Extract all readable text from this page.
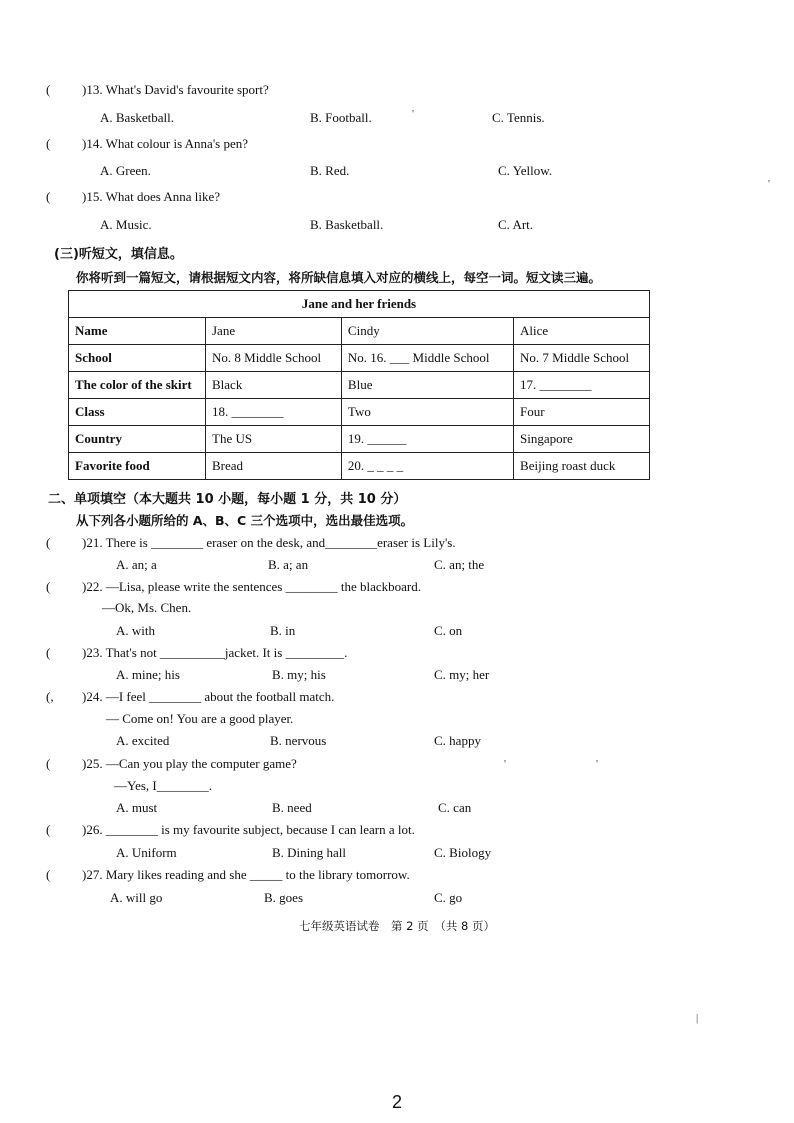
( )13. What's David's favourite sport?
A. Basketball.	B. Football.	C. Tennis.
( )14. What colour is Anna's pen?
A. Green.	B. Red.	C. Yellow.
( )15. What does Anna like?
A. Music.	B. Basketball.	C. Art.
(三)听短文，填信息。
你将听到一篇短文，请根据短文内容，将所缺信息填入对应的横线上，每空一词。短文读三遍。
Jane and her friends			
Name	Jane	Cindy	Alice
School	No. 8 Middle School	No. 16. ___ Middle School	No. 7 Middle School
The color of the skirt	Black	Blue	17. ________
Class	18. ________	Two	Four
Country	The US	19. ______	Singapore
Favorite food	Bread	20. _ _ _ _	Beijing roast duck
二、单项填空（本大题共 10 小题，每小题 1 分，共 10 分）
从下列各小题所给的 A、B、C 三个选项中，选出最佳选项。
( )21. There is ________ eraser on the desk, and________eraser is Lily's.
A. an; a	B. a; an	C. an; the
( )22. —Lisa, please write the sentences ________ the blackboard.
—Ok, Ms. Chen.
A. with	B. in	C. on
( )23. That's not __________jacket. It is _________.
A. mine; his	B. my; his	C. my; her
(, )24. —I feel ________ about the football match.
— Come on! You are a good player.
A. excited	B. nervous	C. happy
( )25. —Can you play the computer game?
—Yes, I________.
A. must	B. need	C. can
( )26. ________ is my favourite subject, because I can learn a lot.
A. Uniform	B. Dining hall	C. Biology
( )27. Mary likes reading and she _____ to the library tomorrow.
A. will go	B. goes	C. go
七年级英语试卷　第 2 页　（共 8 页）
2
'
'
'	'
|
